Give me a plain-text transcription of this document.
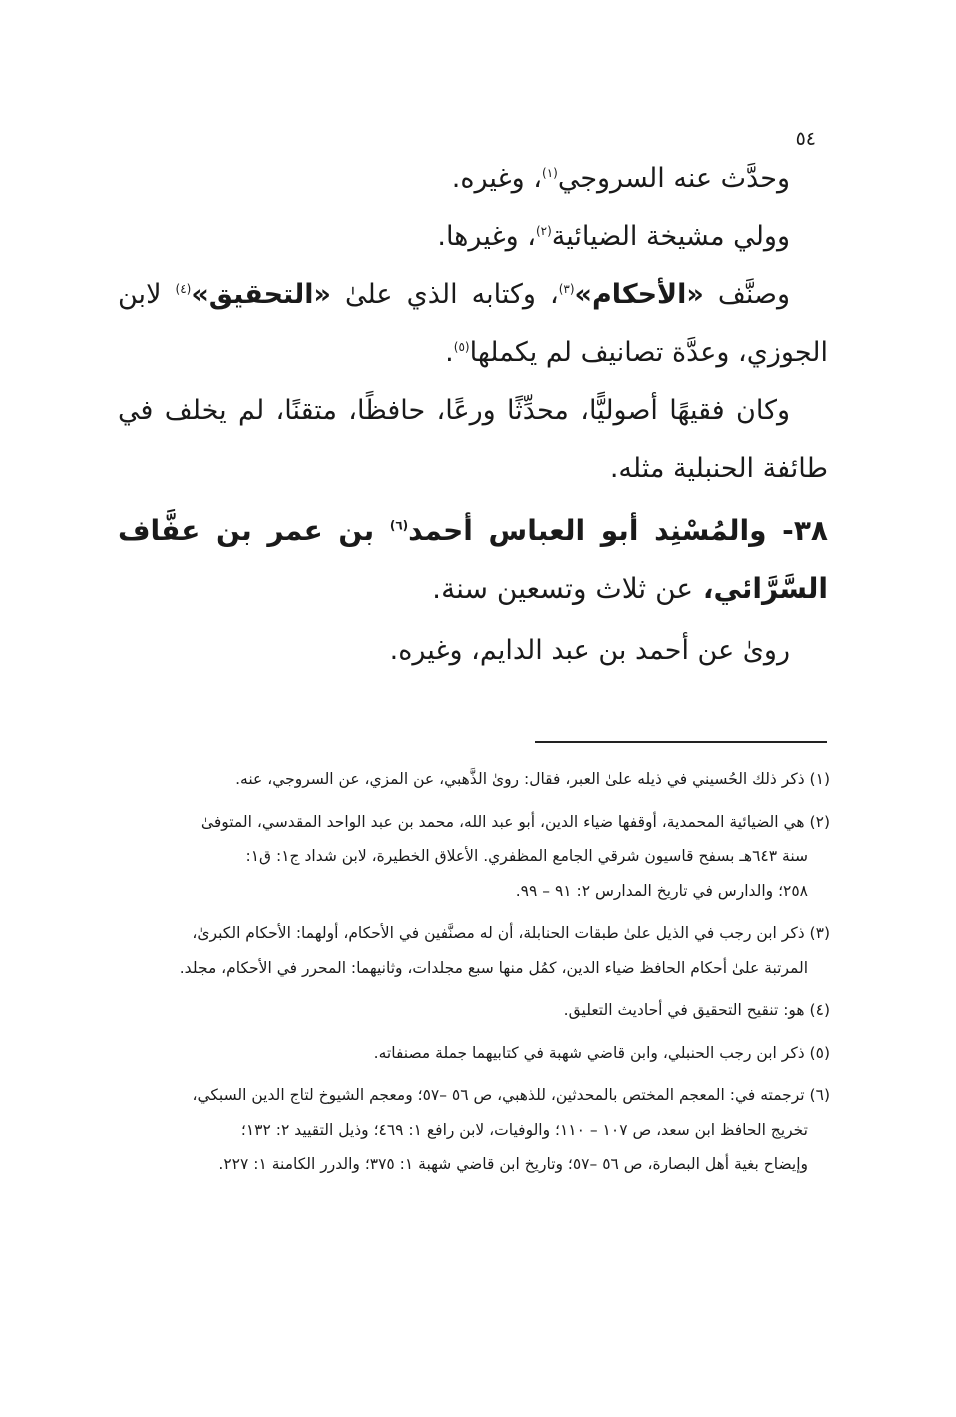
٥٤

وحدَّث عنه السروجي$^{(١)}$، وغيره.

وولي مشيخة الضيائية$^{(٢)}$، وغيرها.

وصنَّف «الأحكام»$^{(٣)}$، وكتابه الذي علىٰ «التحقيق»$^{(٤)}$ لابن الجوزي، وعدَّة تصانيف لم يكملها$^{(٥)}$.

وكان فقيهًا أصوليًّا، محدِّثًا ورعًا، حافظًا، متقنًا، لم يخلف في طائفة الحنبلية مثله.

٣٨- والمُسْنِد أبو العباس أحمد$^{(٦)}$ بن عمر بن عفَّاف السَّرَّائي، عن ثلاث وتسعين سنة.

روىٰ عن أحمد بن عبد الدايم، وغيره.

(١) ذكر ذلك الحُسيني في ذيله علىٰ العبر، فقال: روىٰ الذَّهبي، عن المزي، عن السروجي، عنه.

(٢) هي الضيائية المحمدية، أوقفها ضياء الدين، أبو عبد الله، محمد بن عبد الواحد المقدسي، المتوفىٰ
سنة ٦٤٣هـ بسفح قاسيون شرقي الجامع المظفري. الأعلاق الخطيرة، لابن شداد ج١: ق١:
٢٥٨؛ والدارس في تاريخ المدارس ٢: ٩١ – ٩٩.

(٣) ذكر ابن رجب في الذيل علىٰ طبقات الحنابلة، أن له مصنَّفين في الأحكام، أولهما: الأحكام الكبرىٰ،
المرتبة علىٰ أحكام الحافظ ضياء الدين، كمُل منها سبع مجلدات، وثانيهما: المحرر في الأحكام، مجلد.

(٤) هو: تنقيح التحقيق في أحاديث التعليق.

(٥) ذكر ابن رجب الحنبلي، وابن قاضي شهبة في كتابيهما جملة مصنفاته.

(٦) ترجمته في: المعجم المختص بالمحدثين، للذهبي، ص ٥٦ –٥٧؛ ومعجم الشيوخ لتاج الدين السبكي،
تخريج الحافظ ابن سعد، ص ١٠٧ – ١١٠؛ والوفيات، لابن رافع ١: ٤٦٩؛ وذيل التقييد ٢: ١٣٢؛
وإيضاح بغية أهل البصارة، ص ٥٦ –٥٧؛ وتاريخ ابن قاضي شهبة ١: ٣٧٥؛ والدرر الكامنة ١: ٢٢٧.
